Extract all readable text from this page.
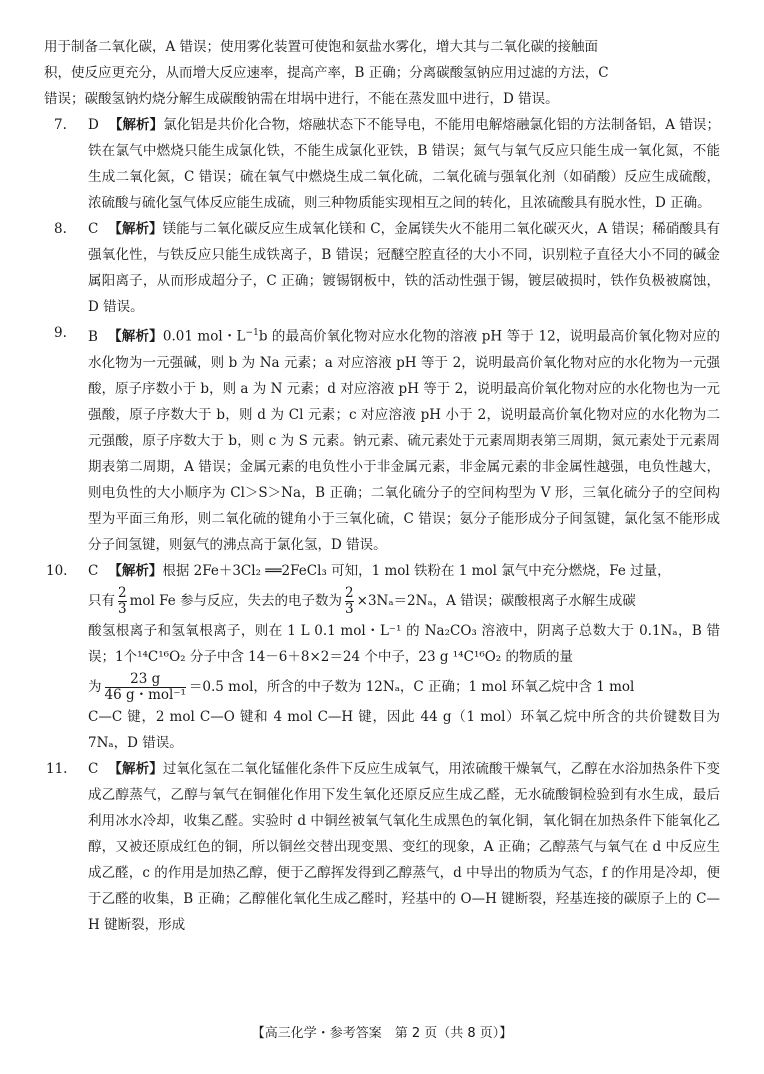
用于制备二氧化碳，A 错误；使用雾化装置可使饱和氨盐水雾化，增大其与二氧化碳的接触面

积，使反应更充分，从而增大反应速率，提高产率，B 正确；分离碳酸氢钠应用过滤的方法，C

错误；碳酸氢钠灼烧分解生成碳酸钠需在坩埚中进行，不能在蒸发皿中进行，D 错误。

7. D 【解析】氯化铝是共价化合物，熔融状态下不能导电，不能用电解熔融氯化铝的方法制备铝，A 错误；铁在氯气中燃烧只能生成氯化铁，不能生成氯化亚铁，B 错误；氮气与氧气反应只能生成一氧化氮，不能生成二氧化氮，C 错误；硫在氧气中燃烧生成二氧化硫，二氧化硫与强氧化剂（如硝酸）反应生成硫酸，浓硫酸与硫化氢气体反应能生成硫，则三种物质能实现相互之间的转化，且浓硫酸具有脱水性，D 正确。
8. C 【解析】镁能与二氧化碳反应生成氧化镁和 C，金属镁失火不能用二氧化碳灭火，A 错误；稀硝酸具有强氧化性，与铁反应只能生成铁离子，B 错误；冠醚空腔直径的大小不同，识别粒子直径大小不同的碱金属阳离子，从而形成超分子，C 正确；镀锡钢板中，铁的活动性强于锡，镀层破损时，铁作负极被腐蚀，D 错误。
9. B 【解析】0.01 mol・$L^{-1}b$ 的最高价氧化物对应水化物的溶液 pH 等于 12，说明最高价氧化物对应的水化物为一元强碱，则 b 为 Na 元素；a 对应溶液 pH 等于 2，说明最高价氧化物对应的水化物为一元强酸，原子序数小于 b，则 a 为 N 元素；d 对应溶液 pH 等于 2，说明最高价氧化物对应的水化物也为一元强酸，原子序数大于 b，则 d 为 Cl 元素；c 对应溶液 pH 小于 2，说明最高价氧化物对应的水化物为二元强酸，原子序数大于 b，则 c 为 S 元素。钠元素、硫元素处于元素周期表第三周期，氮元素处于元素周期表第二周期，A 错误；金属元素的电负性小于非金属元素，非金属元素的非金属性越强，电负性越大，则电负性的大小顺序为 Cl＞S＞Na，B 正确；二氧化硫分子的空间构型为 V 形，三氧化硫分子的空间构型为平面三角形，则二氧化硫的键角小于三氧化硫，C 错误；氨分子能形成分子间氢键，氯化氢不能形成分子间氢键，则氨气的沸点高于氯化氢，D 错误。
10. C 【解析】根据 2Fe＋3Cl₂ ══2FeCl₃ 可知，1 mol 铁粉在 1 mol 氯气中充分燃烧，Fe 过量，
只有 $\frac{2}{3}$ mol Fe 参与反应，失去的电子数为 $\frac{2}{3} \times 3N_a=2N_a$，A 错误；碳酸根离子水解生成碳
酸氢根离子和氢氧根离子，则在 1 L 0.1 mol・L⁻¹ 的 Na₂CO₃ 溶液中，阴离子总数大于 0.1Nₐ，B 错误；1个¹⁴C¹⁶O₂ 分子中含 14－6＋8×2＝24 个中子，23 g ¹⁴C¹⁶O₂ 的物质的量
为 $\frac{23 g}{\text{46 g・mol⁻¹}} =0.5$ mol，所含的中子数为 12Nₐ，C 正确；1 mol 环氧乙烷中含 1 mol
C—C 键，2 mol C—O 键和 4 mol C—H 键，因此 44 g（1 mol）环氧乙烷中所含的共价键数目为 7Nₐ，D 错误。
11. C 【解析】过氧化氢在二氧化锰催化条件下反应生成氧气，用浓硫酸干燥氧气，乙醇在水浴加热条件下变成乙醇蒸气，乙醇与氧气在铜催化作用下发生氧化还原反应生成乙醛，无水硫酸铜检验到有水生成，最后利用冰水冷却，收集乙醛。实验时 d 中铜丝被氧气氧化生成黑色的氧化铜，氧化铜在加热条件下能氧化乙醇，又被还原成红色的铜，所以铜丝交替出现变黑、变红的现象，A 正确；乙醇蒸气与氧气在 d 中反应生成乙醛，c 的作用是加热乙醇，便于乙醇挥发得到乙醇蒸气，d 中导出的物质为气态，f 的作用是冷却，便于乙醛的收集，B 正确；乙醇催化氧化生成乙醛时，羟基中的 O—H 键断裂，羟基连接的碳原子上的 C—H 键断裂，形成
【高三化学・参考答案　第 2 页（共 8 页）】
